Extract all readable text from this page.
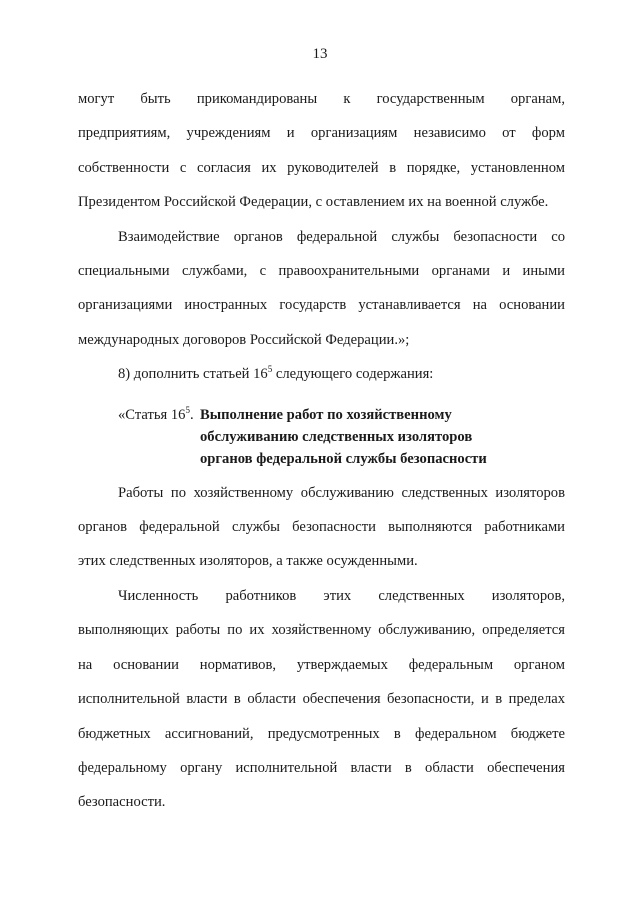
13
могут быть прикомандированы к государственным органам,
предприятиям, учреждениям и организациям независимо от форм
собственности с согласия их руководителей в порядке, установленном
Президентом Российской Федерации, с оставлением их на военной службе.
Взаимодействие органов федеральной службы безопасности со
специальными службами, с правоохранительными органами и иными
организациями иностранных государств устанавливается на основании
международных договоров Российской Федерации.»;
8) дополнить статьей $16^5$ следующего содержания:
«Статья $16^5$. Выполнение работ по хозяйственному
обслуживанию следственных изоляторов
органов федеральной службы безопасности
Работы по хозяйственному обслуживанию следственных изоляторов
органов федеральной службы безопасности выполняются работниками
этих следственных изоляторов, а также осужденными.
Численность работников этих следственных изоляторов,
выполняющих работы по их хозяйственному обслуживанию, определяется
на основании нормативов, утверждаемых федеральным органом
исполнительной власти в области обеспечения безопасности, и в пределах
бюджетных ассигнований, предусмотренных в федеральном бюджете
федеральному органу исполнительной власти в области обеспечения
безопасности.
